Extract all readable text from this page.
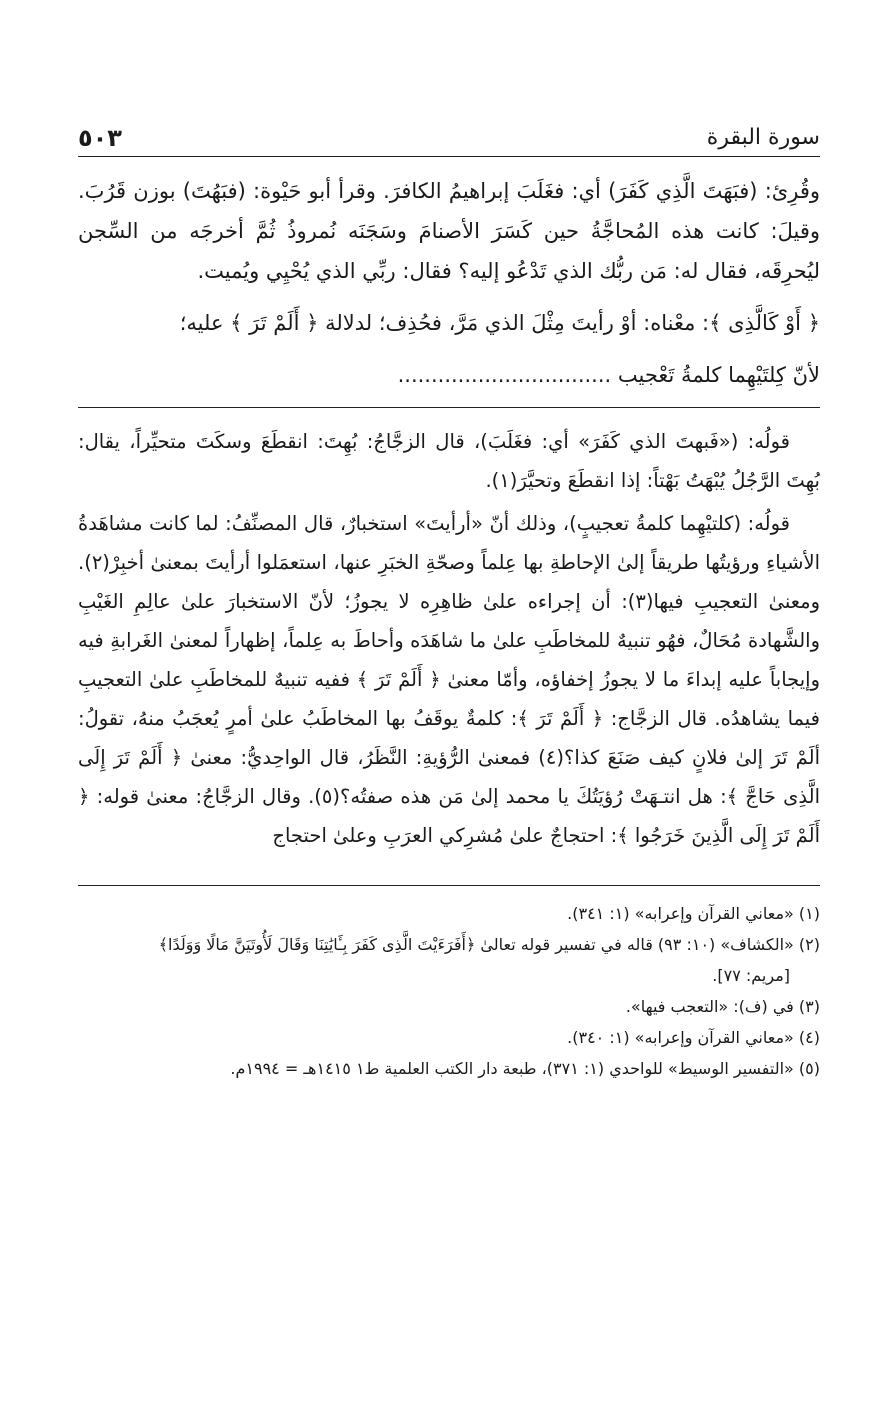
سورة البقرة
٥٠٣

وقُرِئ: (فبَهَتَ الَّذِي كَفَرَ) أي: فغَلَبَ إبراهيمُ الكافرَ. وقرأ أبو حَيْوة: (فبَهُتَ) بوزن قَرُبَ. وقيلَ: كانت هذه المُحاجَّةُ حين كَسَرَ الأصنامَ وسَجَنَه نُمروذُ ثُمَّ أخرجَه من السِّجن ليُحرِقَه، فقال له: مَن ربُّك الذي تَدْعُو إليه؟ فقال: ربِّي الذي يُحْيِي ويُميت.

﴿ أَوْ كَالَّذِى ﴾: معْناه: أوْ رأيتَ مِثْلَ الذي مَرَّ، فحُذِف؛ لدلالة ﴿ أَلَمْ تَرَ ﴾ عليه؛

لأنّ كِلتَيْهِما كلمةُ تَعْجيب ................................

قولُه: («فَبهتَ الذي كَفَرَ» أي: فغَلَبَ)، قال الزجَّاجُ: بُهِتَ: انقطَعَ وسكَتَ متحيِّراً، يقال: بُهِتَ الرَّجُلُ يُبْهَتُ بَهْتاً: إذا انقطَعَ وتحيَّرَ(١).

قولُه: (كلتيْهِما كلمةُ تعجيبٍ)، وذلك أنّ «أرأيتَ» استخبارٌ، قال المصنِّفُ: لما كانت مشاهَدةُ الأشياءِ ورؤيتُها طريقاً إلىٰ الإحاطةِ بها عِلماً وصحّةِ الخبَرِ عنها، استعمَلوا أرأيتَ بمعنىٰ أخبِرْ(٢). ومعنىٰ التعجيبِ فيها(٣): أن إجراءه علىٰ ظاهِرِه لا يجوزُ؛ لأنّ الاستخبارَ علىٰ عالِمِ الغَيْبِ والشَّهادة مُحَالٌ، فهُو تنبيهٌ للمخاطَبِ علىٰ ما شاهَدَه وأحاطَ به عِلماً، إظهاراً لمعنىٰ الغَرابةِ فيه وإيجاباً عليه إبداءَ ما لا يجوزُ إخفاؤه، وأمّا معنىٰ ﴿ أَلَمْ تَرَ ﴾ ففيه تنبيهٌ للمخاطَبِ علىٰ التعجيبِ فيما يشاهدُه. قال الزجَّاج: ﴿ أَلَمْ تَرَ ﴾: كلمةٌ يوقَفُ بها المخاطَبُ علىٰ أمرٍ يُعجَبُ منهُ، تقولُ: ألَمْ تَرَ إلىٰ فلانٍ كيف صَنَعَ كذا؟(٤) فمعنىٰ الرُّؤيةِ: النَّظَرُ، قال الواحِديُّ: معنىٰ ﴿ أَلَمْ تَرَ إِلَى الَّذِى حَاجَّ ﴾: هل انتـهَتْ رُؤيَتُكَ يا محمد إلىٰ مَن هذه صفتُه؟(٥). وقال الزجَّاجُ: معنىٰ قوله: ﴿ أَلَمْ تَرَ إِلَى الَّذِينَ خَرَجُوا ﴾: احتجاجٌ علىٰ مُشرِكي العرَبِ وعلىٰ احتجاج

(١) «معاني القرآن وإعرابه» (١: ٣٤١).

(٢) «الكشاف» (١٠: ٩٣) قاله في تفسير قوله تعالىٰ ﴿أَفَرَءَيْتَ الَّذِى كَفَرَ بِـَٔايَٰتِنَا وَقَالَ لَأُوتَيَنَّ مَالًا وَوَلَدًا﴾

[مريم: ٧٧].

(٣) في (ف): «التعجب فيها».

(٤) «معاني القرآن وإعرابه» (١: ٣٤٠).

(٥) «التفسير الوسيط» للواحدي (١: ٣٧١)، طبعة دار الكتب العلمية ط١ ١٤١٥هـ = ١٩٩٤م.
